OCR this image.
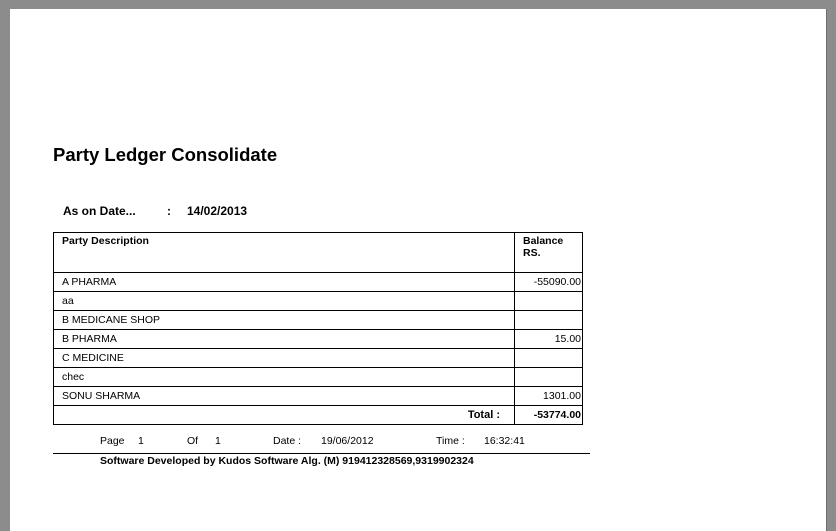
Party Ledger Consolidate
As on Date...	: 14/02/2013
Party Description	Balance
RS.
A PHARMA	-55090.00
aa	
B MEDICANE SHOP	
B PHARMA	15.00
C MEDICINE	
chec	
SONU SHARMA	1301.00
Total :	-53774.00
Page 1	Of 1	Date : 19/06/2012	Time : 16:32:41
Software Developed by Kudos Software Alg. (M) 919412328569,9319902324
